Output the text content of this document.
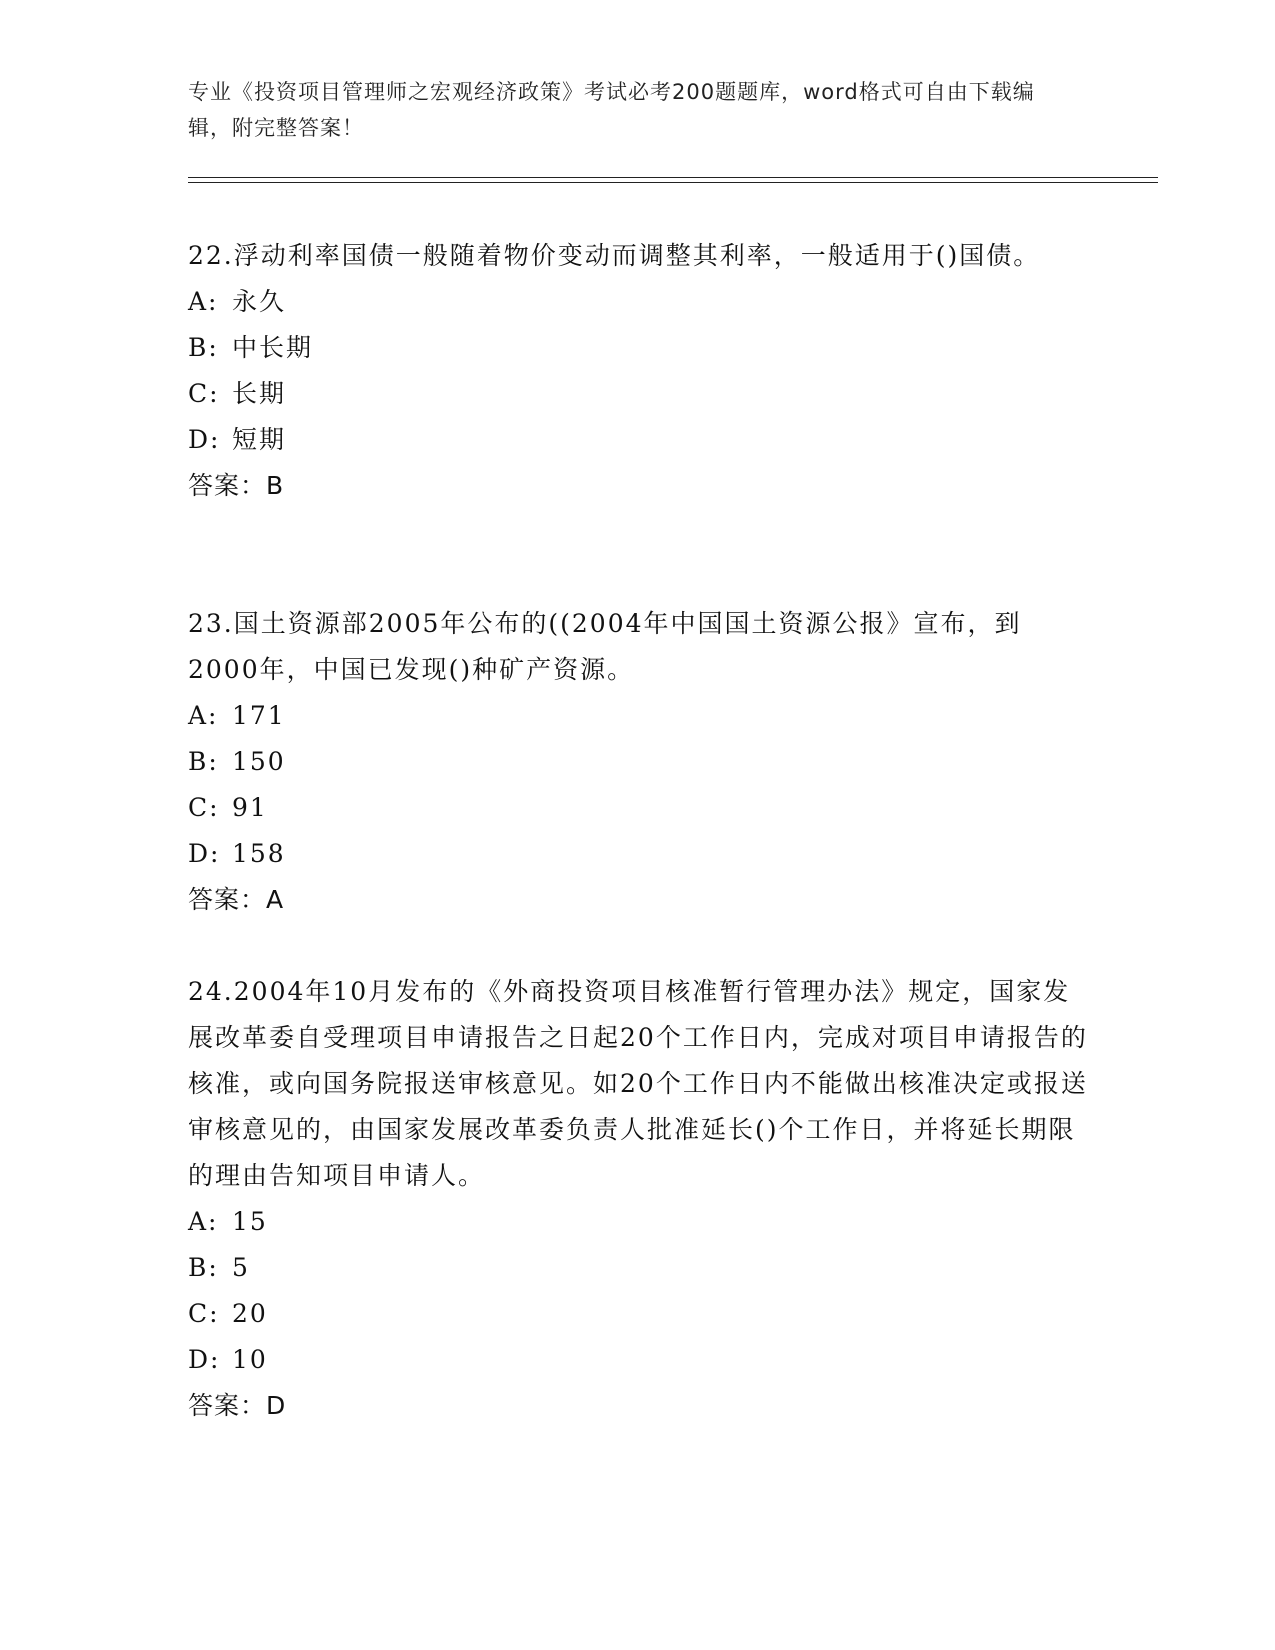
专业《投资项目管理师之宏观经济政策》考试必考200题题库，word格式可自由下载编辑，附完整答案！

22.浮动利率国债一般随着物价变动而调整其利率，一般适用于()国债。

A: 永久

B: 中长期

C: 长期

D: 短期

答案：B

23.国土资源部2005年公布的((2004年中国国土资源公报》宣布，到2000年，中国已发现()种矿产资源。

A: 171

B: 150

C: 91

D: 158

答案：A

24.2004年10月发布的《外商投资项目核准暂行管理办法》规定，国家发展改革委自受理项目申请报告之日起20个工作日内，完成对项目申请报告的核准，或向国务院报送审核意见。如20个工作日内不能做出核准决定或报送审核意见的，由国家发展改革委负责人批准延长()个工作日，并将延长期限的理由告知项目申请人。

A: 15

B: 5

C: 20

D: 10

答案：D
